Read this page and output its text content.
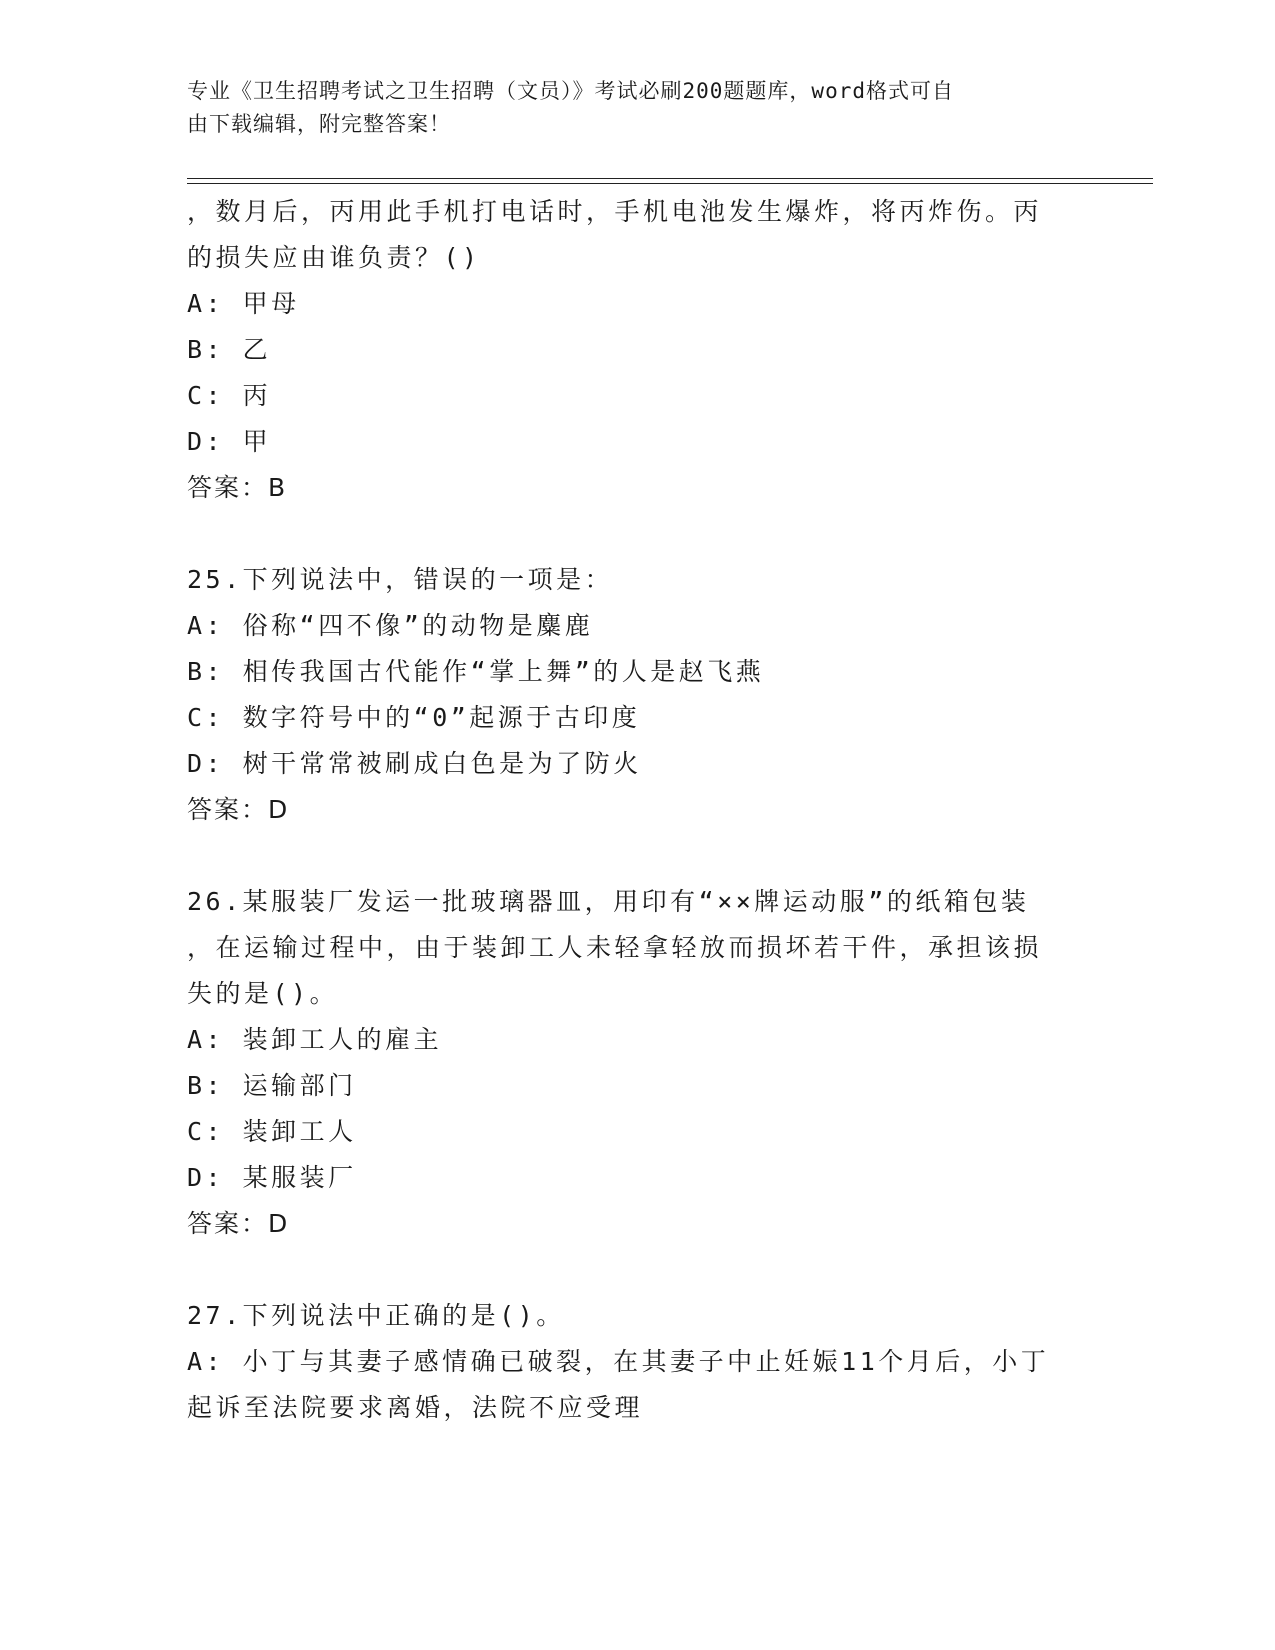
专业《卫生招聘考试之卫生招聘（文员）》考试必刷200题题库，word格式可自
由下载编辑，附完整答案！
，数月后，丙用此手机打电话时，手机电池发生爆炸，将丙炸伤。丙
的损失应由谁负责？()
A: 甲母
B: 乙
C: 丙
D: 甲
答案：B
25.下列说法中，错误的一项是：
A: 俗称“四不像”的动物是麋鹿
B: 相传我国古代能作“掌上舞”的人是赵飞燕
C: 数字符号中的“0”起源于古印度
D: 树干常常被刷成白色是为了防火
答案：D
26.某服装厂发运一批玻璃器皿，用印有“××牌运动服”的纸箱包装
，在运输过程中，由于装卸工人未轻拿轻放而损坏若干件，承担该损
失的是()。
A: 装卸工人的雇主
B: 运输部门
C: 装卸工人
D: 某服装厂
答案：D
27.下列说法中正确的是()。
A: 小丁与其妻子感情确已破裂，在其妻子中止妊娠11个月后，小丁
起诉至法院要求离婚，法院不应受理
